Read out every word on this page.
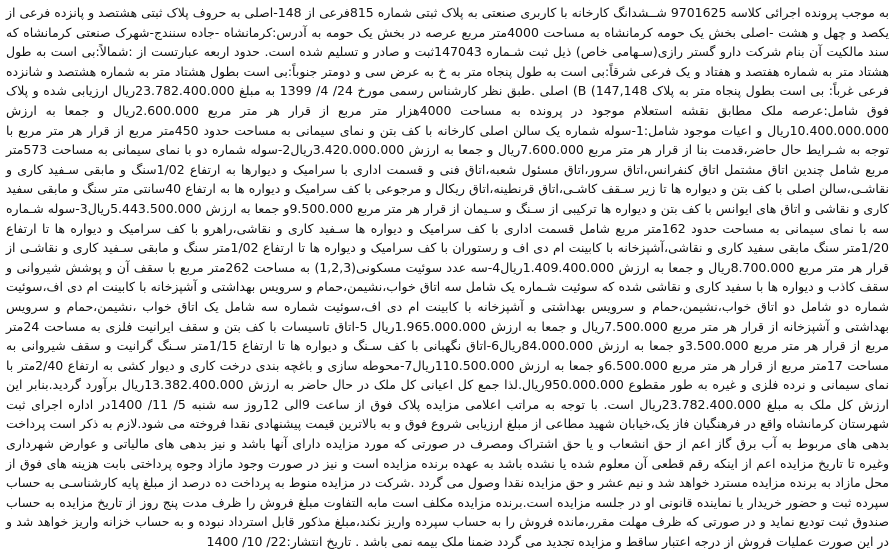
به موجب پرونده اجرائی کلاسه 9701625 شــشدانگ کارخانه با کاربری صنعتی به پلاک ثبتی شماره 815فرعی از 148-اصلی به حروف پلاک ثبتی هشتصد و پانزده فرعی از یکصد و چهل و هشت -اصلی بخش یک حومه کرمانشاه به مساحت 4000متر مربع عرصه در بخش یک حومه به آدرس:کرمانشاه -جاده سنندج-شهرک صنعتی کرمانشاه که سند مالکیت آن بنام شرکت دارو گستر رازی(سـهامی خاص) ذیل ثبت شـماره 147043ثبت و صادر و تسلیم شده است. حدود اربعه عبارتست از :شمالاً:بی است به طول هشتاد متر به شماره هفتصد و هفتاد و یک فرعی شرقاً:بی است به طول پنجاه متر به خ به عرض سی و دومتر جنوباً:بی است بطول هشتاد متر به شماره هشتصد و شانزده فرعی غرباً: بی است بطول پنجاه متر به پلاک 147,148) B) اصلی .طبق نظر کارشناس رسمی مورخ 24/ 4/ 1399 به مبلغ 23.782.400.000ریال ارزیابی شده و پلاک فوق شامل:عرصه ملک مطابق نقشه استعلام موجود در پرونده به مساحت 4000هزار متر مربع از قرار هر متر مربع 2.600.000ریال و جمعا به ارزش 10.400.000.000ریال و اعیات موجود شامل:1-سوله شماره یک سالن اصلی کارخانه با کف بتن و نمای سیمانی به مساحت حدود 450متر مربع از قرار هر متر مربع با توجه به شـرایط حال حاضر،قدمت بنا از قرار هر متر مربع 7.600.000ریال و جمعا به ارزش 3.420.000.000ریال2-سوله شماره دو با نمای سیمانی به مساحت 573متر مربع شامل چندین اتاق مشتمل اتاق کنفرانس،اتاق سرور،اتاق مسئول شعبه،اتاق فنی و قسمت اداری با سرامیک و دیوارها به ارتفاع 1/02سنگ و مابقی سـفید کاری و نقاشـی،سالن اصلی با کف بتن و دیواره ها تا زیر سـقف کاشـی،اتاق قرنطینه،اتاق ریکال و مرجوعی با کف سرامیک و دیواره ها به ارتفاع 40سانتی متر سنگ و مابقی سفید کاری و نقاشی و اتاق های ایوانس با کف بتن و دیواره ها ترکیبی از سـنگ و سـیمان از قرار هر متر مربع 9.500.000و جمعا به ارزش 5.443.500.000ریال3-سوله شـماره سه با نمای سیمانی به مساحت حدود 162متر مربع شامل قسمت اداری با کف سرامیک و دیواره ها سـفید کاری و نقاشی،راهرو با کف سرامیک و دیواره ها تا ارتفاع 1/20متر سنگ مابقی سفید کاری و نقاشی،آشپزخانه با کابینت ام دی اف و رستوران با کف سرامیک و دیواره ها تا ارتفاع 1/02متر سنگ و مابقی سـفید کاری و نقاشـی از قرار هر متر مربع 8.700.000ریال و جمعا به ارزش 1.409.400.000ریال4-سه عدد سوئیت مسکونی(1,2,3) به مساحت 262متر مربع با سقف آن و پوشش شیروانی و سقف کاذب و دیواره ها با سفید کاری و نقاشی شده که سوئیت شـماره یک شامل سه اتاق خواب،نشیمن،حمام و سرویس بهداشتی و آشپزخانه با کابینت ام دی اف،سوئیت شماره دو شامل دو اتاق خواب،نشیمن،حمام و سرویس بهداشتی و آشپزخانه با کابینت ام دی اف،سوئیت شماره سه شامل یک اتاق خواب ،نشیمن،حمام و سرویس بهداشتی و آشپزخانه از قرار هر متر مربع 7.500.000ریال و جمعا به ارزش 1.965.000.000ریال 5-اتاق تاسیسات با کف بتن و سقف ایرانیت فلزی به مساحت 24متر مربع از قرار هر متر مربع 3.500.000و جمعا به ارزش 84.000.000ریال6-اتاق نگهبانی با کف سـنگ و دیواره ها تا ارتفاع 1/15متر سـنگ گرانیت و سقف شیروانی به مساحت 17متر مربع از قرار هر متر مربع 6.500.000و جمعا به ارزش 110.500.000ریال7-محوطه سازی و باغچه بندی درخت کاری و دیوار کشی به ارتفاع 2/40متر با نمای سیمانی و نرده فلزی و غیره به طور مقطوع 950.000.000ریال.لذا جمع کل اعیانی کل ملک در حال حاضر به ارزش 13.382.400.000ریال برآورد گردید.بنابر این ارزش کل ملک به مبلغ 23.782.400.000ریال است. با توجه به مراتب اعلامی مزایده پلاک فوق از ساعت 9الی 12روز سه شنبه 5/ 11/ 1400در اداره اجرای ثبت شهرستان کرمانشاه واقع در فرهنگیان فاز یک،خیابان شهید مطاعی از مبلغ ارزیابی شروع فوق و به بالاترین قیمت پیشنهادی نقدا فروخته می شود.لازم به ذکر است پرداخت بدهی های مربوط به آب برق گاز اعم از حق انشعاب و یا حق اشتراک ومصرف در صورتی که مورد مزایده دارای آنها باشد و نیز بدهی های مالیاتی و عوارض شهرداری وغیره تا تاریخ مزایده اعم از اینکه رقم قطعی آن معلوم شده یا نشده باشد به عهده برنده مزایده است و نیز در صورت وجود مازاد وجوه پرداختی بابت هزینه های فوق از محل مازاد به برنده مزایده مسترد خواهد شد و نیم عشر و حق مزایده نقدا وصول می گردد .شرکت در مزایده منوط به پرداخت ده درصد از مبلغ پایه کارشناسـی به حساب سپرده ثبت و حضور خریدار یا نماینده قانونی او در جلسه مزایده است.برنده مزایده مکلف است مابه التفاوت مبلغ فروش را ظرف مدت پنج روز از تاریخ مزایده به حساب صندوق ثبت تودیع نماید و در صورتی که ظرف مهلت مقرر،مانده فروش را به حساب سپرده واریز نکند،مبلغ مذکور قابل استرداد نبوده و به حساب خزانه واریز خواهد شد و در این صورت عملیات فروش از درجه اعتبار ساقط و مزایده تجدید می گردد ضمنا ملک بیمه نمی باشد . تاریخ انتشار:22/ 10/ 1400
